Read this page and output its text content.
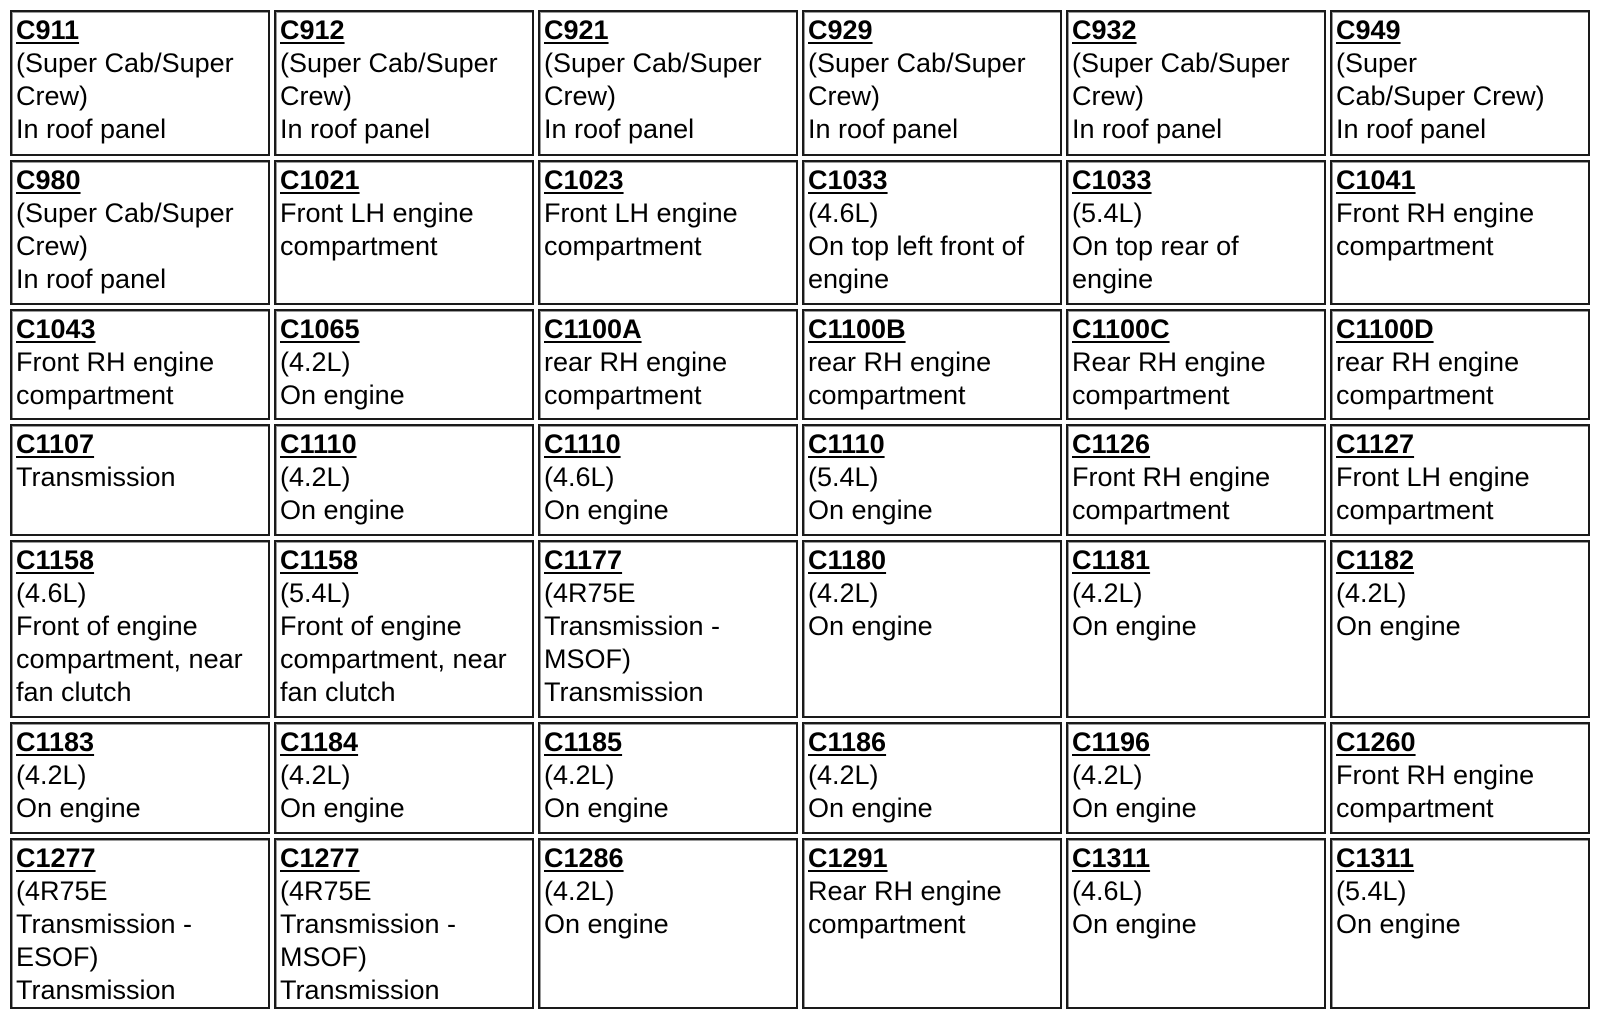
C911
(Super Cab/Super
Crew)
In roof panel	C912
(Super Cab/Super
Crew)
In roof panel	C921
(Super Cab/Super
Crew)
In roof panel	C929
(Super Cab/Super
Crew)
In roof panel	C932
(Super Cab/Super
Crew)
In roof panel	C949
(Super
Cab/Super Crew)
In roof panel

C980
(Super Cab/Super
Crew)
In roof panel	C1021
Front LH engine
compartment	C1023
Front LH engine
compartment	C1033
(4.6L)
On top left front of
engine	C1033
(5.4L)
On top rear of
engine	C1041
Front RH engine
compartment

C1043
Front RH engine
compartment	C1065
(4.2L)
On engine	C1100A
rear RH engine
compartment	C1100B
rear RH engine
compartment	C1100C
Rear RH engine
compartment	C1100D
rear RH engine
compartment

C1107
Transmission	C1110
(4.2L)
On engine	C1110
(4.6L)
On engine	C1110
(5.4L)
On engine	C1126
Front RH engine
compartment	C1127
Front LH engine
compartment

C1158
(4.6L)
Front of engine
compartment, near
fan clutch	C1158
(5.4L)
Front of engine
compartment, near
fan clutch	C1177
(4R75E
Transmission -
MSOF)
Transmission	C1180
(4.2L)
On engine	C1181
(4.2L)
On engine	C1182
(4.2L)
On engine

C1183
(4.2L)
On engine	C1184
(4.2L)
On engine	C1185
(4.2L)
On engine	C1186
(4.2L)
On engine	C1196
(4.2L)
On engine	C1260
Front RH engine
compartment

C1277
(4R75E
Transmission -
ESOF)
Transmission	C1277
(4R75E
Transmission -
MSOF)
Transmission	C1286
(4.2L)
On engine	C1291
Rear RH engine
compartment	C1311
(4.6L)
On engine	C1311
(5.4L)
On engine
